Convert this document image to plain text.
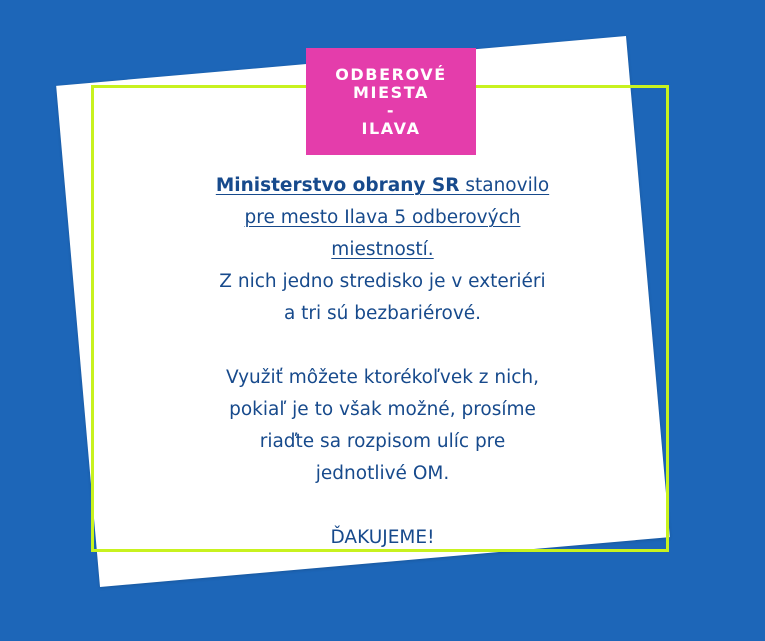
ODBEROVÉ
MIESTA
-
ILAVA

Ministerstvo obrany SR stanovilo

pre mesto Ilava 5 odberových

miestností.

Z nich jedno stredisko je v exteriéri

a tri sú bezbariérové.

Využiť môžete ktorékoľvek z nich,

pokiaľ je to však možné, prosíme

riaďte sa rozpisom ulíc pre

jednotlivé OM.

ĎAKUJEME!
